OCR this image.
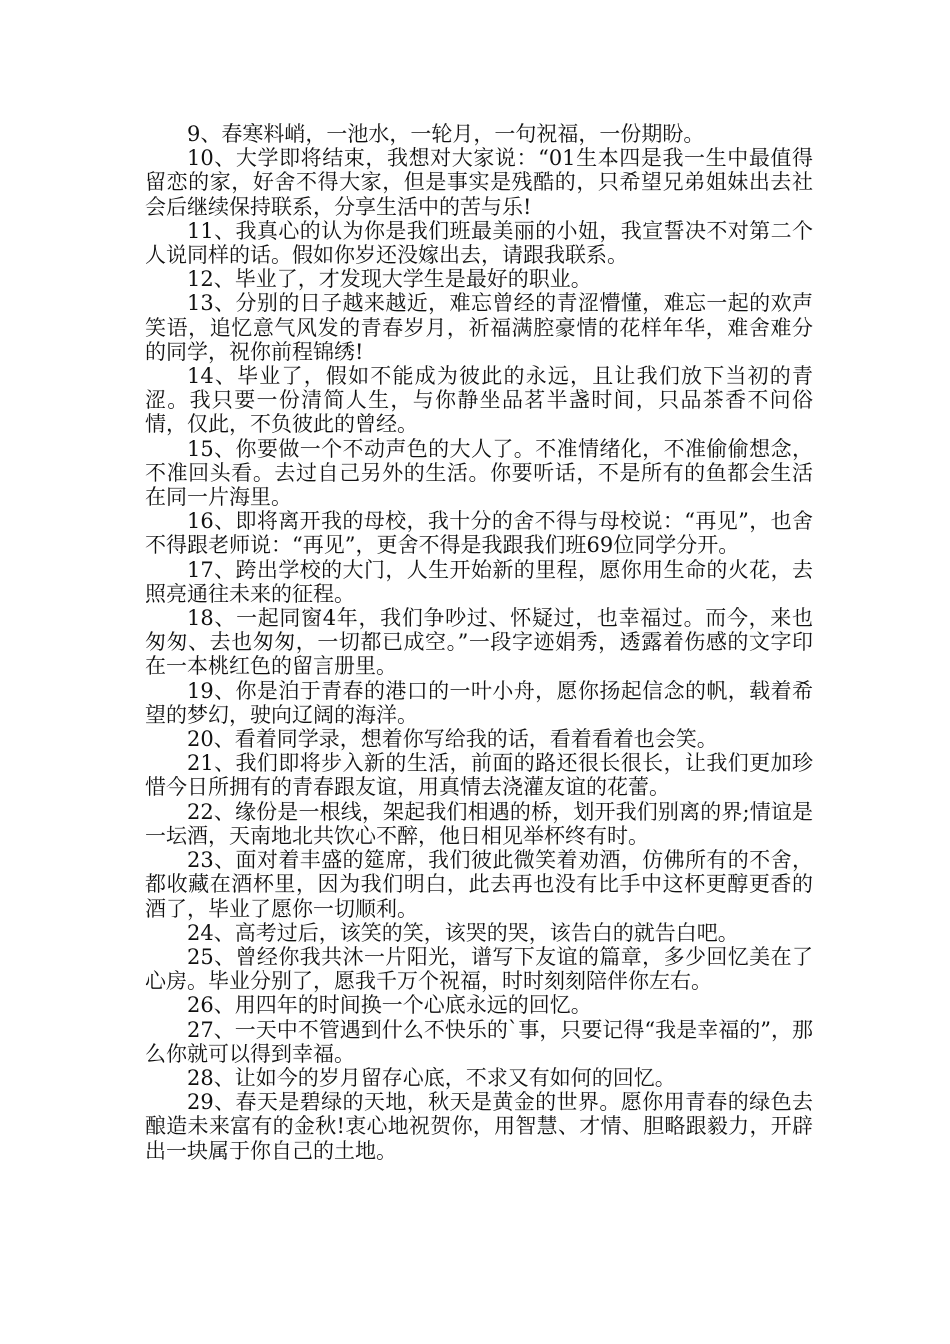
9、春寒料峭，一池水，一轮月，一句祝福，一份期盼。

10、大学即将结束，我想对大家说：“01生本四是我一生中最值得留恋的家，好舍不得大家，但是事实是残酷的，只希望兄弟姐妹出去社会后继续保持联系，分享生活中的苦与乐!

11、我真心的认为你是我们班最美丽的小妞，我宣誓决不对第二个人说同样的话。假如你岁还没嫁出去，请跟我联系。

12、毕业了，才发现大学生是最好的职业。

13、分别的日子越来越近，难忘曾经的青涩懵懂，难忘一起的欢声笑语，追忆意气风发的青春岁月，祈福满腔豪情的花样年华，难舍难分的同学，祝你前程锦绣!

14、毕业了，假如不能成为彼此的永远，且让我们放下当初的青涩。我只要一份清简人生，与你静坐品茗半盏时间，只品茶香不问俗情，仅此，不负彼此的曾经。

15、你要做一个不动声色的大人了。不准情绪化，不准偷偷想念，不准回头看。去过自己另外的生活。你要听话，不是所有的鱼都会生活在同一片海里。

16、即将离开我的母校，我十分的舍不得与母校说：“再见”，也舍不得跟老师说：“再见”，更舍不得是我跟我们班69位同学分开。

17、跨出学校的大门，人生开始新的里程，愿你用生命的火花，去照亮通往未来的征程。

18、一起同窗4年，我们争吵过、怀疑过，也幸福过。而今，来也匆匆、去也匆匆，一切都已成空。”一段字迹娟秀，透露着伤感的文字印在一本桃红色的留言册里。

19、你是泊于青春的港口的一叶小舟，愿你扬起信念的帆，载着希望的梦幻，驶向辽阔的海洋。

20、看着同学录，想着你写给我的话，看着看着也会笑。

21、我们即将步入新的生活，前面的路还很长很长，让我们更加珍惜今日所拥有的青春跟友谊，用真情去浇灌友谊的花蕾。

22、缘份是一根线，架起我们相遇的桥，划开我们别离的界;情谊是一坛酒，天南地北共饮心不醉，他日相见举杯终有时。

23、面对着丰盛的筵席，我们彼此微笑着劝酒，仿佛所有的不舍，都收藏在酒杯里，因为我们明白，此去再也没有比手中这杯更醇更香的酒了，毕业了愿你一切顺利。

24、高考过后，该笑的笑，该哭的哭，该告白的就告白吧。

25、曾经你我共沐一片阳光，谱写下友谊的篇章，多少回忆美在了心房。毕业分别了，愿我千万个祝福，时时刻刻陪伴你左右。

26、用四年的时间换一个心底永远的回忆。

27、一天中不管遇到什么不快乐的`事，只要记得“我是幸福的”，那么你就可以得到幸福。

28、让如今的岁月留存心底，不求又有如何的回忆。

29、春天是碧绿的天地，秋天是黄金的世界。愿你用青春的绿色去酿造未来富有的金秋!衷心地祝贺你，用智慧、才情、胆略跟毅力，开辟出一块属于你自己的土地。
